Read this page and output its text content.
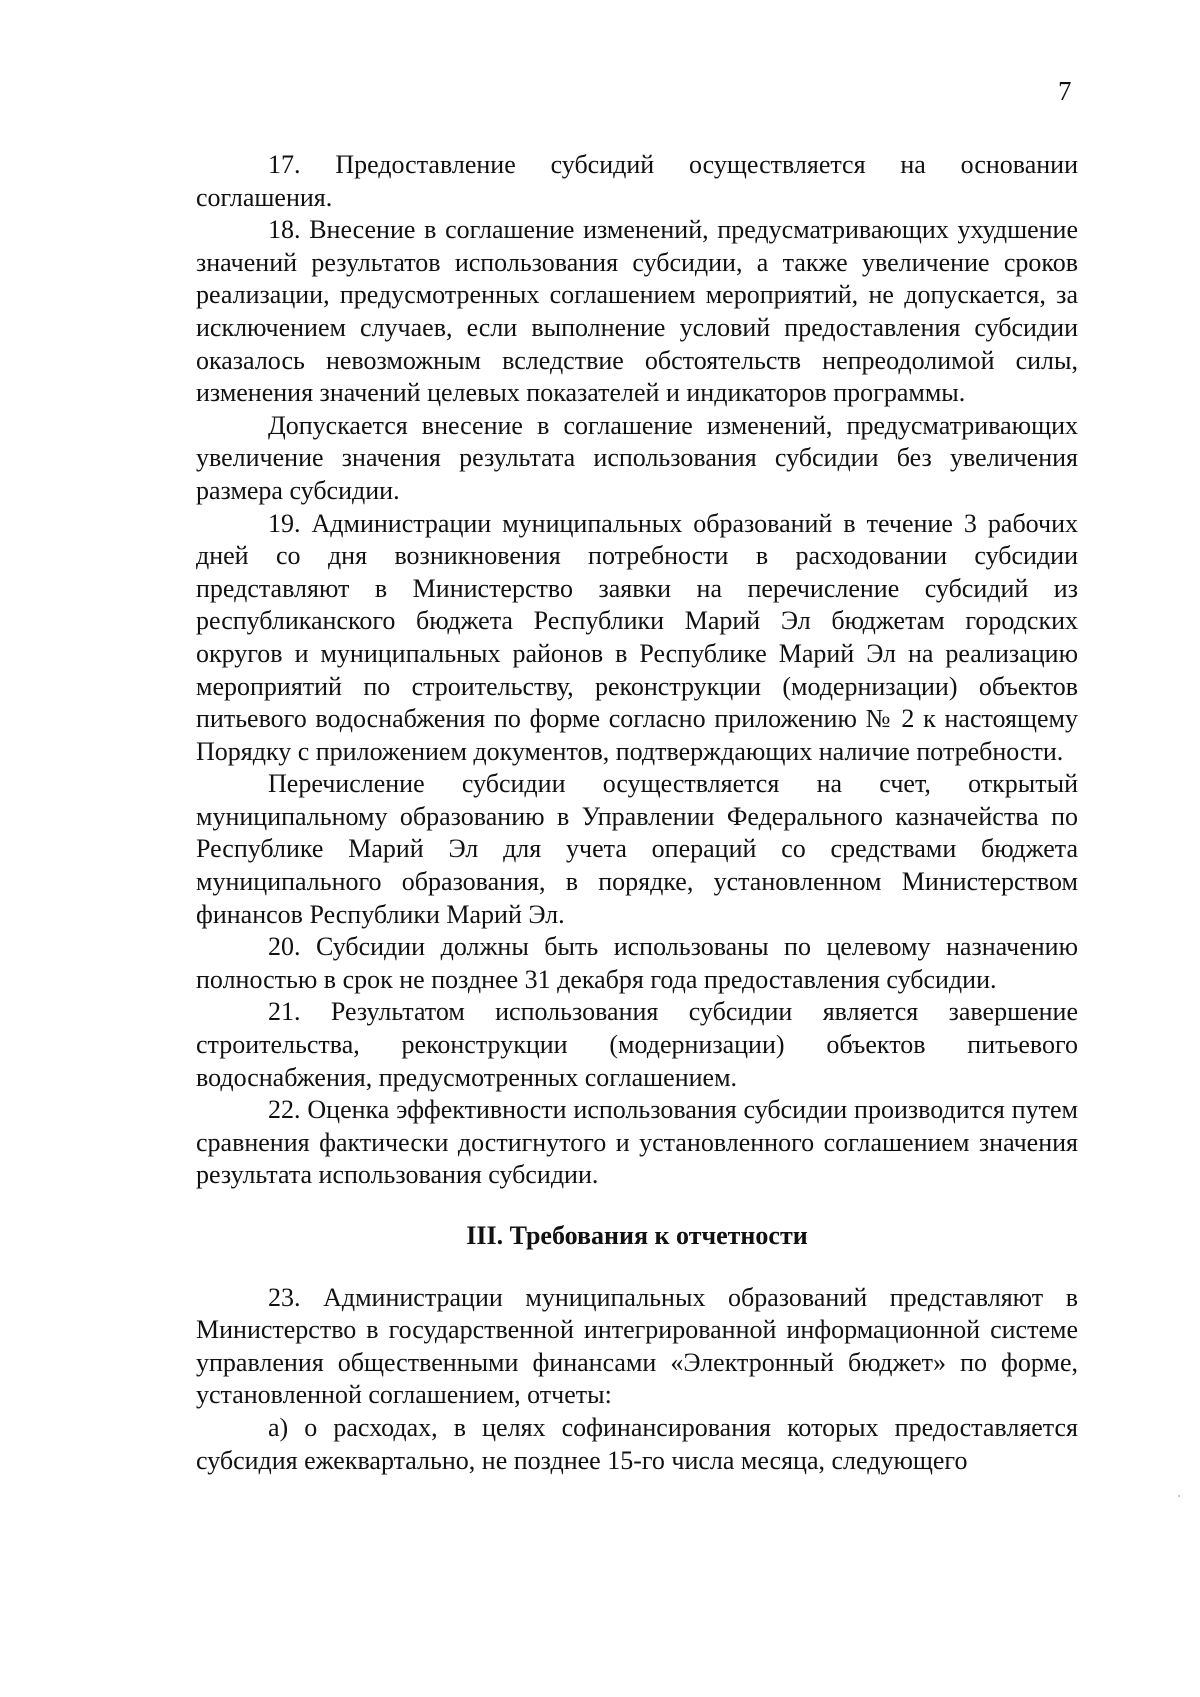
7

17. Предоставление субсидий осуществляется на основании соглашения.

18. Внесение в соглашение изменений, предусматривающих ухудшение значений результатов использования субсидии, а также увеличение сроков реализации, предусмотренных соглашением мероприятий, не допускается, за исключением случаев, если выполнение условий предоставления субсидии оказалось невозможным вследствие обстоятельств непреодолимой силы, изменения значений целевых показателей и индикаторов программы.

Допускается внесение в соглашение изменений, предусматривающих увеличение значения результата использования субсидии без увеличения размера субсидии.

19. Администрации муниципальных образований в течение 3 рабочих дней со дня возникновения потребности в расходовании субсидии представляют в Министерство заявки на перечисление субсидий из республиканского бюджета Республики Марий Эл бюджетам городских округов и муниципальных районов в Республике Марий Эл на реализацию мероприятий по строительству, реконструкции (модернизации) объектов питьевого водоснабжения по форме согласно приложению № 2 к настоящему Порядку с приложением документов, подтверждающих наличие потребности.

Перечисление субсидии осуществляется на счет, открытый муниципальному образованию в Управлении Федерального казначейства по Республике Марий Эл для учета операций со средствами бюджета муниципального образования, в порядке, установленном Министерством финансов Республики Марий Эл.

20. Субсидии должны быть использованы по целевому назначению полностью в срок не позднее 31 декабря года предоставления субсидии.

21. Результатом использования субсидии является завершение строительства, реконструкции (модернизации) объектов питьевого водоснабжения, предусмотренных соглашением.

22. Оценка эффективности использования субсидии производится путем сравнения фактически достигнутого и установленного соглашением значения результата использования субсидии.

III. Требования к отчетности

23. Администрации муниципальных образований представляют в Министерство в государственной интегрированной информационной системе управления общественными финансами «Электронный бюджет» по форме, установленной соглашением, отчеты:

а) о расходах, в целях софинансирования которых предоставляется субсидия ежеквартально, не позднее 15-го числа месяца, следующего
